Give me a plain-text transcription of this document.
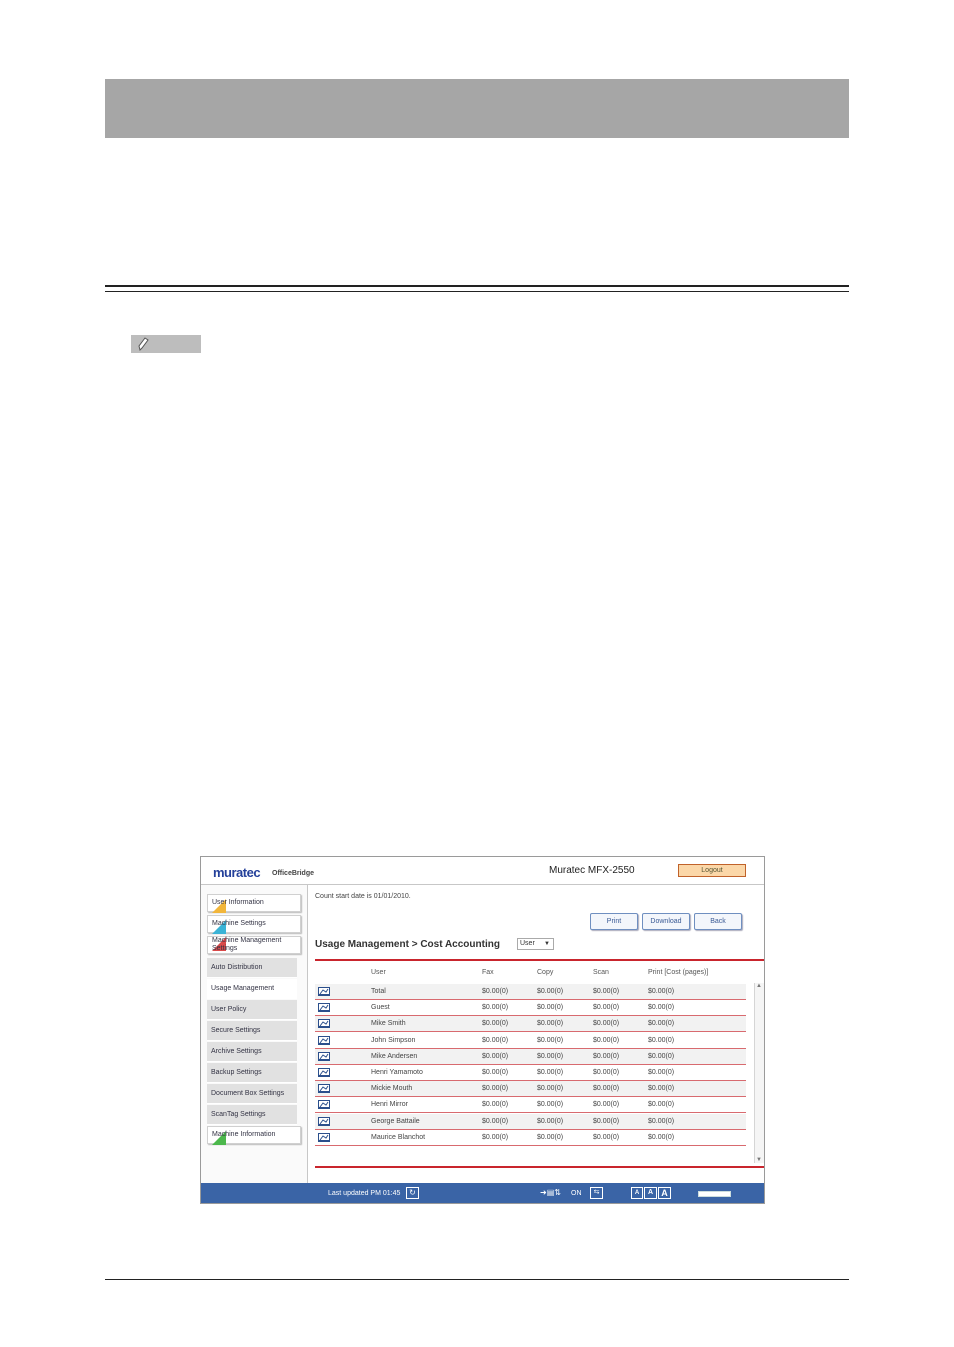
muratec OfficeBridge	Muratec MFX-2550	Logout
User Information
Machine Settings
Machine Management Settings
Auto Distribution
Usage Management
User Policy
Secure Settings
Archive Settings
Backup Settings
Document Box Settings
ScanTag Settings
Machine Information
Count start date is 01/01/2010.
Print	Download	Back
Usage Management > Cost Accounting	User ▼
User	Fax	Copy	Scan	Print [Cost (pages)]
Total	$0.00(0)	$0.00(0)	$0.00(0)	$0.00(0)
Guest	$0.00(0)	$0.00(0)	$0.00(0)	$0.00(0)
Mike Smith	$0.00(0)	$0.00(0)	$0.00(0)	$0.00(0)
John Simpson	$0.00(0)	$0.00(0)	$0.00(0)	$0.00(0)
Mike Andersen	$0.00(0)	$0.00(0)	$0.00(0)	$0.00(0)
Henri Yamamoto	$0.00(0)	$0.00(0)	$0.00(0)	$0.00(0)
Mickie Mouth	$0.00(0)	$0.00(0)	$0.00(0)	$0.00(0)
Henri Mirror	$0.00(0)	$0.00(0)	$0.00(0)	$0.00(0)
George Battaile	$0.00(0)	$0.00(0)	$0.00(0)	$0.00(0)
Maurice Blanchot	$0.00(0)	$0.00(0)	$0.00(0)	$0.00(0)
▲
▼
Last updated PM 01:45	↻	➜▤⇅ ON	⇆	A	A A
